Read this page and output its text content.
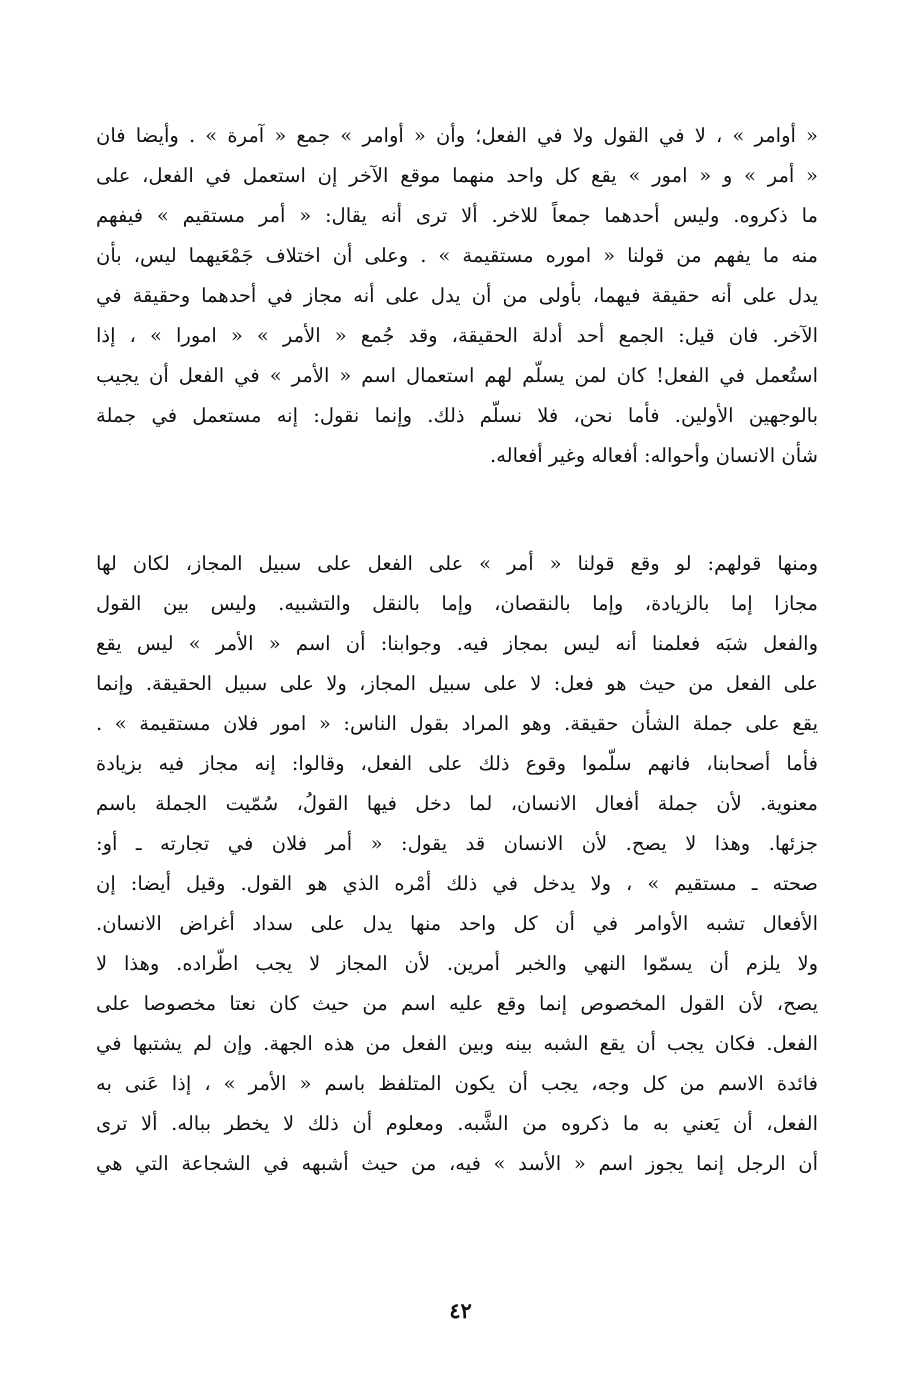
« أوامر » ، لا في القول ولا في الفعل؛ وأن « أوامر » جمع « آمرة » . وأيضا فان
« أمر » و « امور » يقع كل واحد منهما موقع الآخر إن استعمل في الفعل، على
ما ذكروه. وليس أحدهما جمعاً للاخر. ألا ترى أنه يقال: « أمر مستقيم » فيفهم
منه ما يفهم من قولنا « اموره مستقيمة » . وعلى أن اختلاف جَمْعَيهما ليس، بأن
يدل على أنه حقيقة فيهما، بأولى من أن يدل على أنه مجاز في أحدهما وحقيقة في
الآخر. فان قيل: الجمع أحد أدلة الحقيقة، وقد جُمع « الأمر » « امورا » ، إذا
استُعمل في الفعل! كان لمن يسلّم لهم استعمال اسم « الأمر » في الفعل أن يجيب
بالوجهين الأولين. فأما نحن، فلا نسلّم ذلك. وإنما نقول: إنه مستعمل في جملة
شأن الانسان وأحواله: أفعاله وغير أفعاله.
ومنها قولهم: لو وقع قولنا « أمر » على الفعل على سبيل المجاز، لكان لها
مجازا إما بالزيادة، وإما بالنقصان، وإما بالنقل والتشبيه. وليس بين القول
والفعل شبَه فعلمنا أنه ليس بمجاز فيه. وجوابنا: أن اسم « الأمر » ليس يقع
على الفعل من حيث هو فعل: لا على سبيل المجاز، ولا على سبيل الحقيقة. وإنما
يقع على جملة الشأن حقيقة. وهو المراد بقول الناس: « امور فلان مستقيمة » .
فأما أصحابنا، فانهم سلّموا وقوع ذلك على الفعل، وقالوا: إنه مجاز فيه بزيادة
معنوية. لأن جملة أفعال الانسان، لما دخل فيها القولُ، سُمّيت الجملة باسم
جزئها. وهذا لا يصح. لأن الانسان قد يقول: « أمر فلان في تجارته ـ أو:
صحته ـ مستقيم » ، ولا يدخل في ذلك أمْره الذي هو القول. وقيل أيضا: إن
الأفعال تشبه الأوامر في أن كل واحد منها يدل على سداد أغراض الانسان.
ولا يلزم أن يسمّوا النهي والخبر أمرين. لأن المجاز لا يجب اطّراده. وهذا لا
يصح، لأن القول المخصوص إنما وقع عليه اسم من حيث كان نعتا مخصوصا على
الفعل. فكان يجب أن يقع الشبه بينه وبين الفعل من هذه الجهة. وإن لم يشتبها في
فائدة الاسم من كل وجه، يجب أن يكون المتلفظ باسم « الأمر » ، إذا عَنى به
الفعل، أن يَعني به ما ذكروه من الشَّبه. ومعلوم أن ذلك لا يخطر بباله. ألا ترى
أن الرجل إنما يجوز اسم « الأسد » فيه، من حيث أشبهه في الشجاعة التي هي
٤٢
